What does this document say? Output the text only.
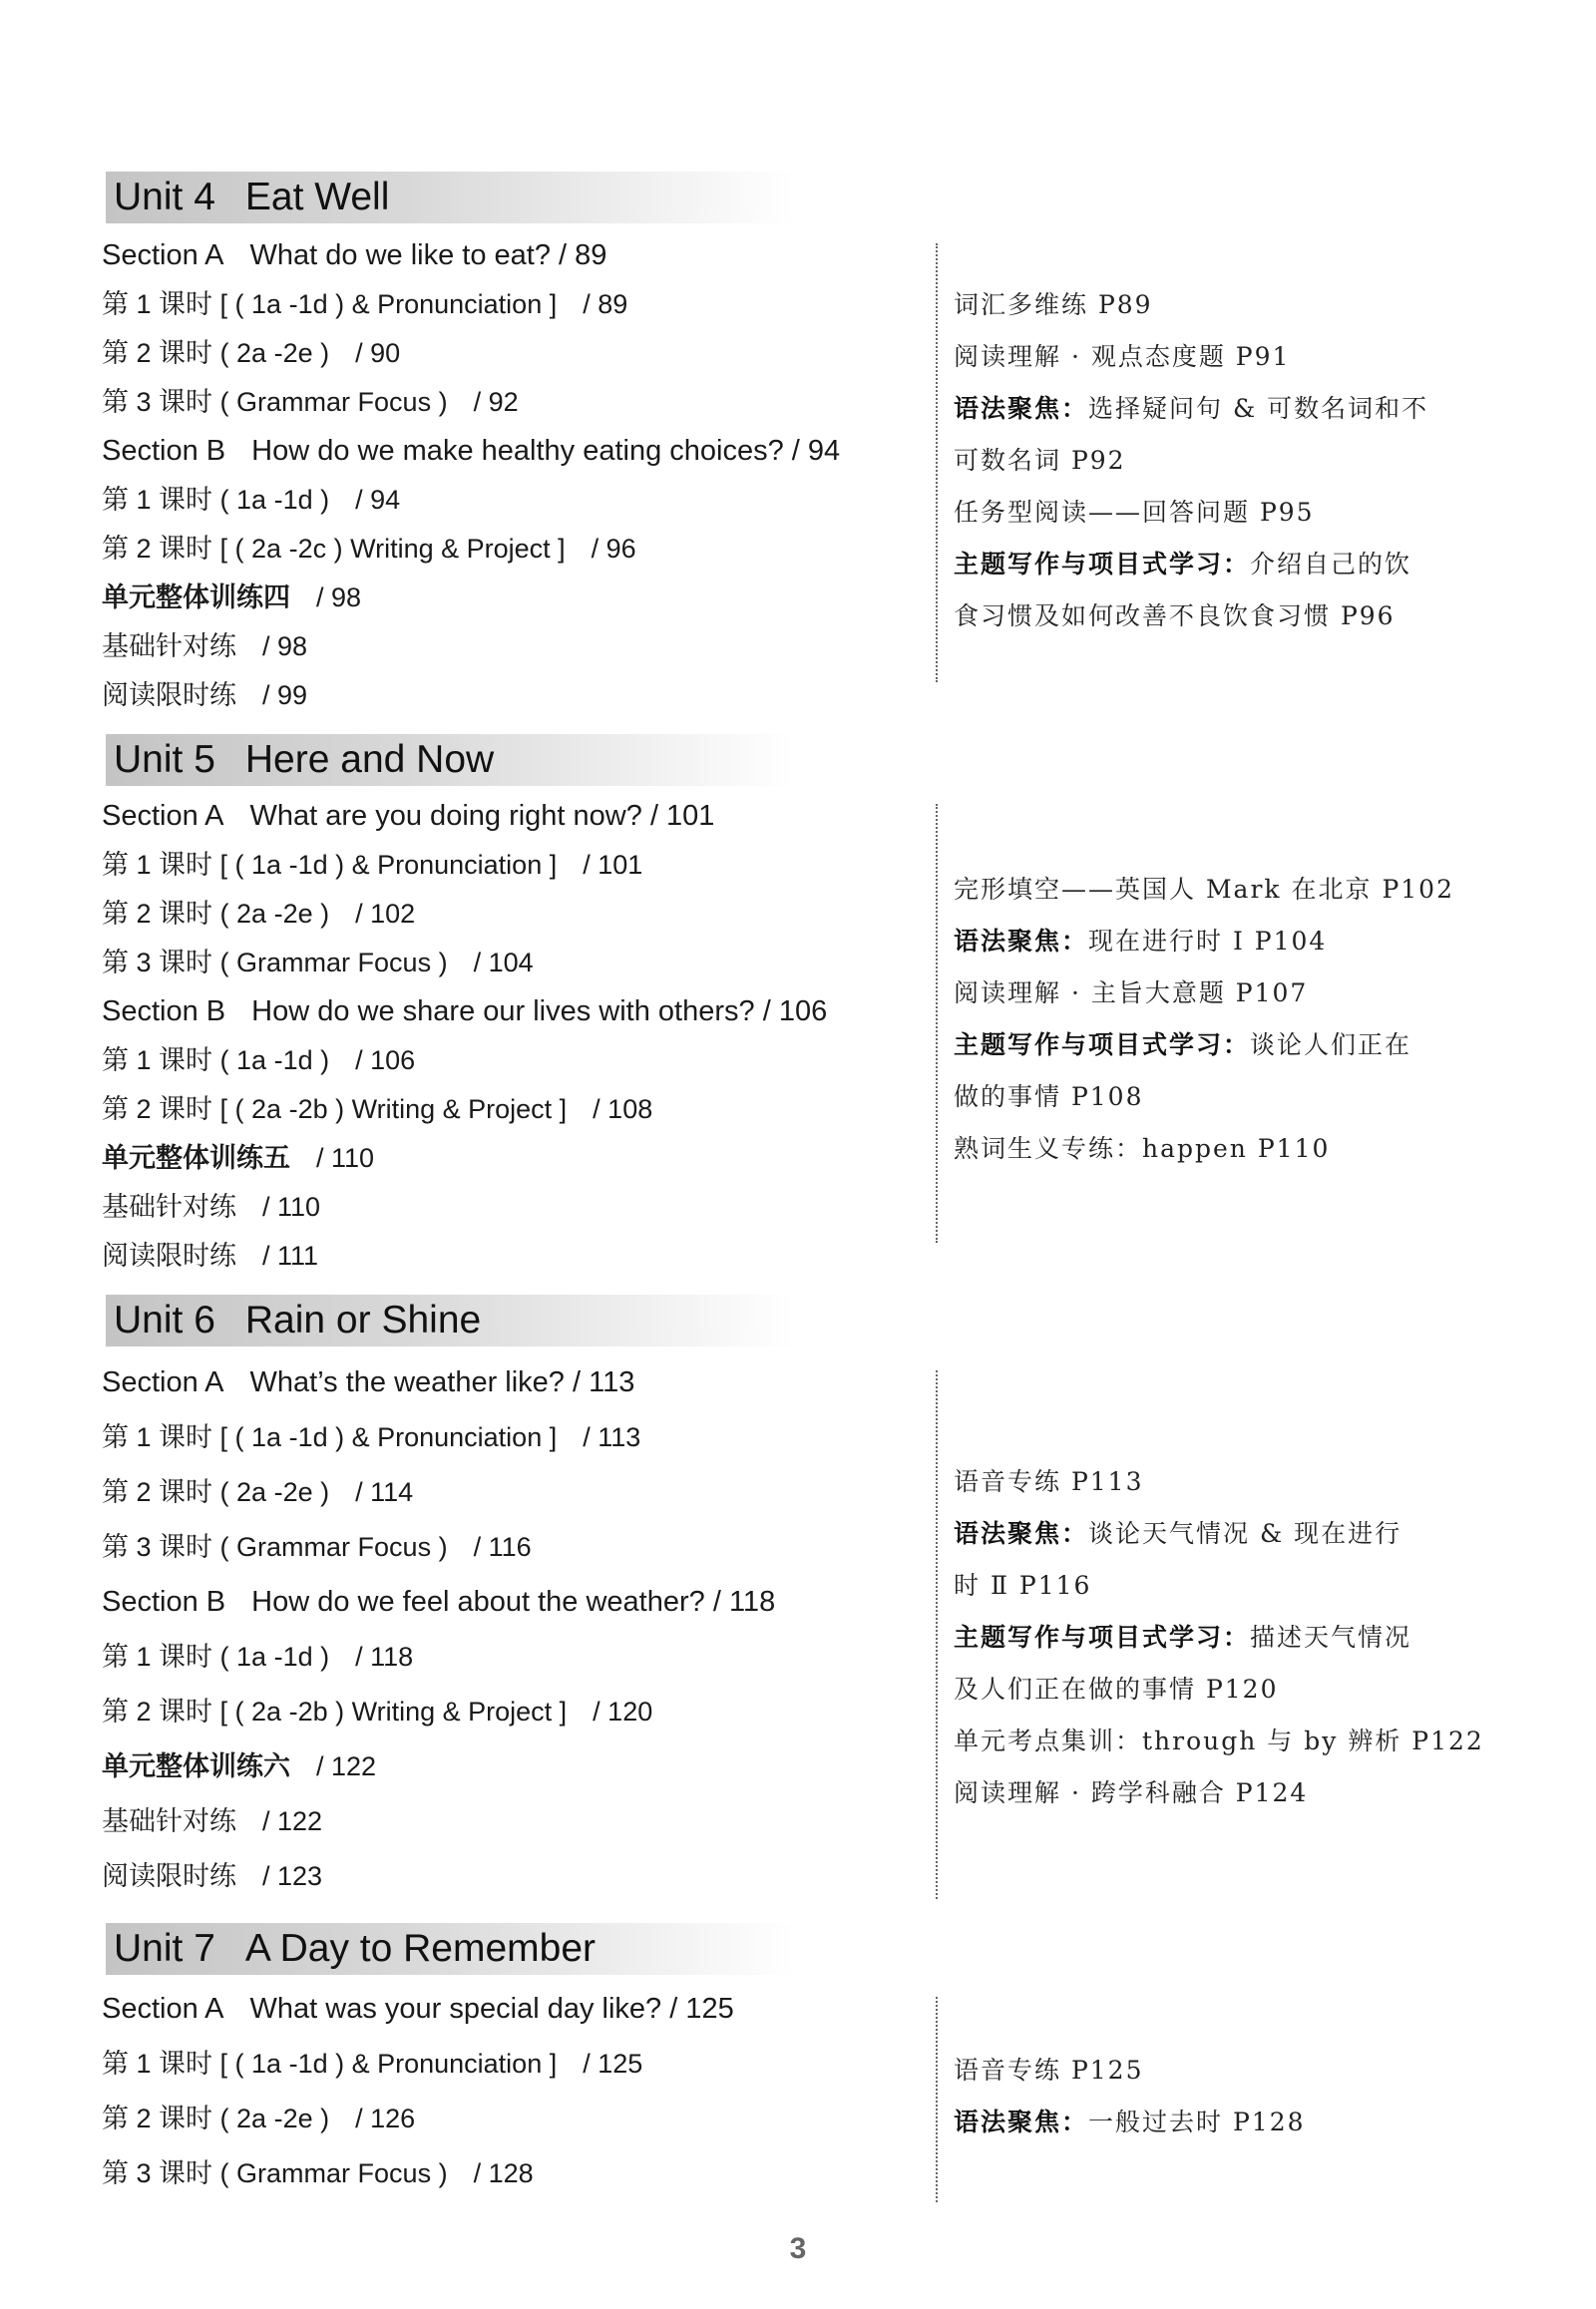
Unit 4 Eat Well
Section A What do we like to eat? / 89
第 1 课时 [ ( 1a -1d ) & Pronunciation ] / 89
第 2 课时 ( 2a -2e ) / 90
第 3 课时 ( Grammar Focus ) / 92
Section B How do we make healthy eating choices? / 94
第 1 课时 ( 1a -1d ) / 94
第 2 课时 [ ( 2a -2c ) Writing & Project ] / 96
单元整体训练四 / 98
基础针对练 / 98
阅读限时练 / 99
词汇多维练 P89
阅读理解 · 观点态度题 P91
语法聚焦：选择疑问句 & 可数名词和不
可数名词 P92
任务型阅读——回答问题 P95
主题写作与项目式学习：介绍自己的饮
食习惯及如何改善不良饮食习惯 P96
Unit 5 Here and Now
Section A What are you doing right now? / 101
第 1 课时 [ ( 1a -1d ) & Pronunciation ] / 101
第 2 课时 ( 2a -2e ) / 102
第 3 课时 ( Grammar Focus ) / 104
Section B How do we share our lives with others? / 106
第 1 课时 ( 1a -1d ) / 106
第 2 课时 [ ( 2a -2b ) Writing & Project ] / 108
单元整体训练五 / 110
基础针对练 / 110
阅读限时练 / 111
完形填空——英国人 Mark 在北京 P102
语法聚焦：现在进行时 Ⅰ P104
阅读理解 · 主旨大意题 P107
主题写作与项目式学习：谈论人们正在
做的事情 P108
熟词生义专练：happen P110
Unit 6 Rain or Shine
Section A What’s the weather like? / 113
第 1 课时 [ ( 1a -1d ) & Pronunciation ] / 113
第 2 课时 ( 2a -2e ) / 114
第 3 课时 ( Grammar Focus ) / 116
Section B How do we feel about the weather? / 118
第 1 课时 ( 1a -1d ) / 118
第 2 课时 [ ( 2a -2b ) Writing & Project ] / 120
单元整体训练六 / 122
基础针对练 / 122
阅读限时练 / 123
语音专练 P113
语法聚焦：谈论天气情况 & 现在进行
时 Ⅱ P116
主题写作与项目式学习：描述天气情况
及人们正在做的事情 P120
单元考点集训：through 与 by 辨析 P122
阅读理解 · 跨学科融合 P124
Unit 7 A Day to Remember
Section A What was your special day like? / 125
第 1 课时 [ ( 1a -1d ) & Pronunciation ] / 125
第 2 课时 ( 2a -2e ) / 126
第 3 课时 ( Grammar Focus ) / 128
语音专练 P125
语法聚焦：一般过去时 P128
3
